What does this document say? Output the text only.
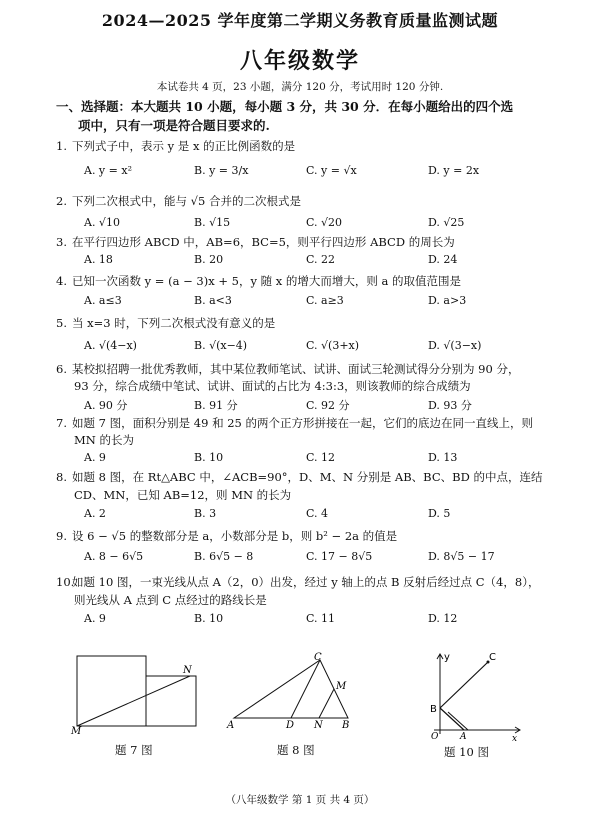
2024—2025 学年度第二学期义务教育质量监测试题
八年级数学
本试卷共 4 页，23 小题，满分 120 分，考试用时 120 分钟.
一、选择题：本大题共 10 小题，每小题 3 分，共 30 分．在每小题给出的四个选
项中，只有一项是符合题目要求的.
1. 下列式子中，表示 y 是 x 的正比例函数的是
A. y = x²	B. y = 3/x	C. y = √x	D. y = 2x
2. 下列二次根式中，能与 √5 合并的二次根式是
A. √10	B. √15	C. √20	D. √25
3. 在平行四边形 ABCD 中，AB=6，BC=5，则平行四边形 ABCD 的周长为
A. 18	B. 20	C. 22	D. 24
4. 已知一次函数 y = (a − 3)x + 5，y 随 x 的增大而增大，则 a 的取值范围是
A. a≤3	B. a<3	C. a≥3	D. a>3
5. 当 x=3 时，下列二次根式没有意义的是
A. √(4−x)	B. √(x−4)	C. √(3+x)	D. √(3−x)
6. 某校拟招聘一批优秀教师，其中某位教师笔试、试讲、面试三轮测试得分分别为 90 分，
93 分，综合成绩中笔试、试讲、面试的占比为 4:3:3，则该教师的综合成绩为
A. 90 分	B. 91 分	C. 92 分	D. 93 分
7. 如题 7 图，面积分别是 49 和 25 的两个正方形拼接在一起，它们的底边在同一直线上，则
MN 的长为
A. 9	B. 10	C. 12	D. 13
8. 如题 8 图，在 Rt△ABC 中，∠ACB=90°，D、M、N 分别是 AB、BC、BD 的中点，连结
CD、MN，已知 AB=12，则 MN 的长为
A. 2	B. 3	C. 4	D. 5
9. 设 6 − √5 的整数部分是 a，小数部分是 b，则 b² − 2a 的值是
A. 8 − 6√5	B. 6√5 − 8	C. 17 − 8√5	D. 8√5 − 17
10.如题 10 图，一束光线从点 A（2，0）出发，经过 y 轴上的点 B 反射后经过点 C（4，8），
则光线从 A 点到 C 点经过的路线长是
A. 9	B. 10	C. 11	D. 12
M
N
题 7 图
A	B
C
D
M
N
题 8 图
y
x
B
C
O A
题 10 图
（八年级数学 第 1 页 共 4 页）
